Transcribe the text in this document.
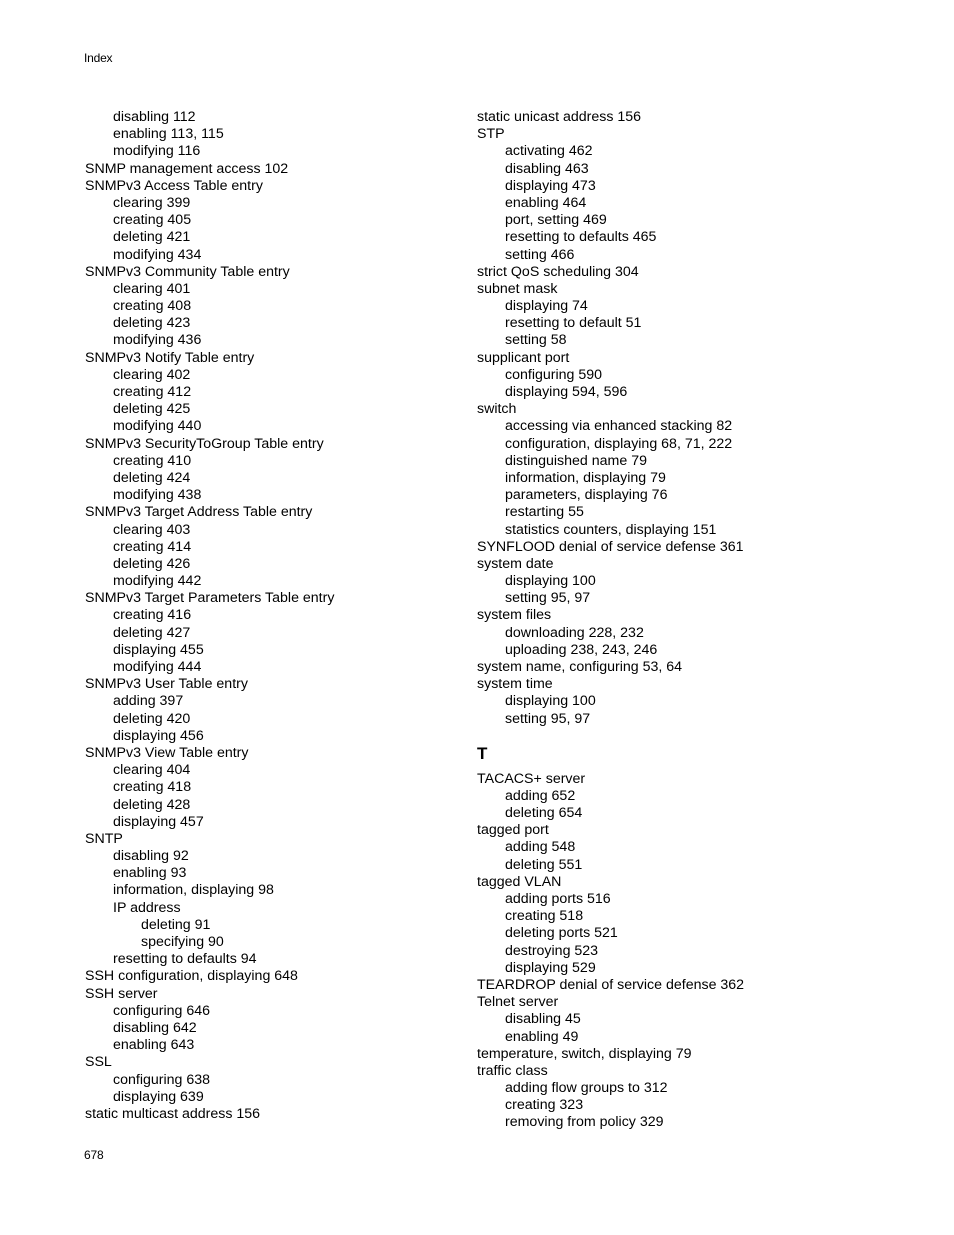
Index
disabling 112
enabling 113, 115
modifying 116
SNMP management access 102
SNMPv3 Access Table entry
clearing 399
creating 405
deleting 421
modifying 434
SNMPv3 Community Table entry
clearing 401
creating 408
deleting 423
modifying 436
SNMPv3 Notify Table entry
clearing 402
creating 412
deleting 425
modifying 440
SNMPv3 SecurityToGroup Table entry
creating 410
deleting 424
modifying 438
SNMPv3 Target Address Table entry
clearing 403
creating 414
deleting 426
modifying 442
SNMPv3 Target Parameters Table entry
creating 416
deleting 427
displaying 455
modifying 444
SNMPv3 User Table entry
adding 397
deleting 420
displaying 456
SNMPv3 View Table entry
clearing 404
creating 418
deleting 428
displaying 457
SNTP
disabling 92
enabling 93
information, displaying 98
IP address
deleting 91
specifying 90
resetting to defaults 94
SSH configuration, displaying 648
SSH server
configuring 646
disabling 642
enabling 643
SSL
configuring 638
displaying 639
static multicast address 156
static unicast address 156
STP
activating 462
disabling 463
displaying 473
enabling 464
port, setting 469
resetting to defaults 465
setting 466
strict QoS scheduling 304
subnet mask
displaying 74
resetting to default 51
setting 58
supplicant port
configuring 590
displaying 594, 596
switch
accessing via enhanced stacking 82
configuration, displaying 68, 71, 222
distinguished name 79
information, displaying 79
parameters, displaying 76
restarting 55
statistics counters, displaying 151
SYNFLOOD denial of service defense 361
system date
displaying 100
setting 95, 97
system files
downloading 228, 232
uploading 238, 243, 246
system name, configuring 53, 64
system time
displaying 100
setting 95, 97
T
TACACS+ server
adding 652
deleting 654
tagged port
adding 548
deleting 551
tagged VLAN
adding ports 516
creating 518
deleting ports 521
destroying 523
displaying 529
TEARDROP denial of service defense 362
Telnet server
disabling 45
enabling 49
temperature, switch, displaying 79
traffic class
adding flow groups to 312
creating 323
removing from policy 329
678
